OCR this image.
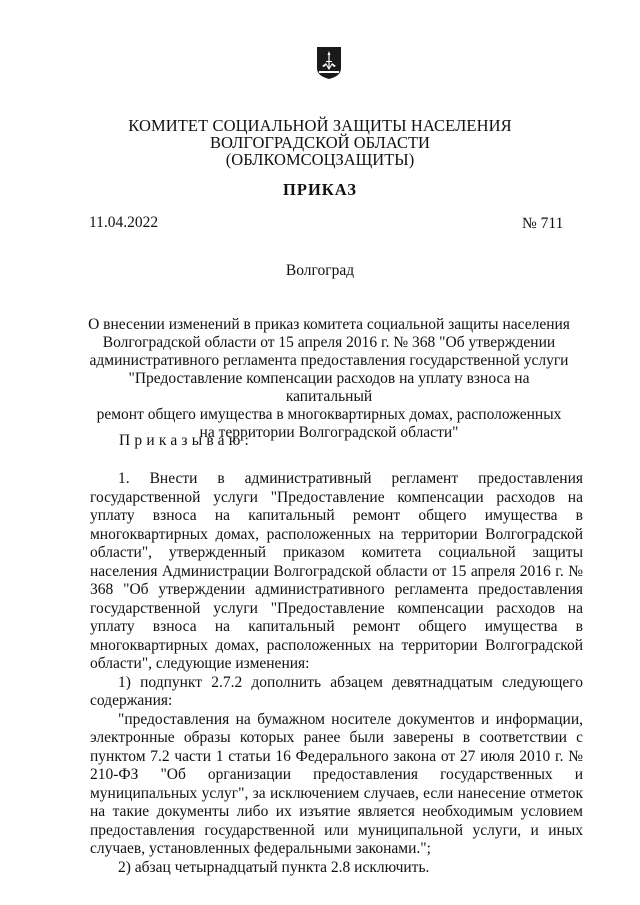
КОМИТЕТ СОЦИАЛЬНОЙ ЗАЩИТЫ НАСЕЛЕНИЯ
ВОЛГОГРАДСКОЙ ОБЛАСТИ
(ОБЛКОМСОЦЗАЩИТЫ)
ПРИКАЗ
11.04.2022	№ 711
Волгоград
О внесении изменений в приказ комитета социальной защиты населения
Волгоградской области от 15 апреля 2016 г. № 368 "Об утверждении
административного регламента предоставления государственной услуги
"Предоставление компенсации расходов на уплату взноса на капитальный
ремонт общего имущества в многоквартирных домах, расположенных
на территории Волгоградской области"
Приказываю:

1. Внести в административный регламент предоставления государственной услуги "Предоставление компенсации расходов на уплату взноса на капитальный ремонт общего имущества в многоквартирных домах, расположенных на территории Волгоградской области", утвержденный приказом комитета социальной защиты населения Администрации Волгоградской области от 15 апреля 2016 г. № 368 "Об утверждении административного регламента предоставления государственной услуги "Предоставление компенсации расходов на уплату взноса на капитальный ремонт общего имущества в многоквартирных домах, расположенных на территории Волгоградской области", следующие изменения:

1) подпункт 2.7.2 дополнить абзацем девятнадцатым следующего содержания:

"предоставления на бумажном носителе документов и информации, электронные образы которых ранее были заверены в соответствии с пунктом 7.2 части 1 статьи 16 Федерального закона от 27 июля 2010 г. № 210-ФЗ "Об организации предоставления государственных и муниципальных услуг", за исключением случаев, если нанесение отметок на такие документы либо их изъятие является необходимым условием предоставления государственной или муниципальной услуги, и иных случаев, установленных федеральными законами.";

2) абзац четырнадцатый пункта 2.8 исключить.
